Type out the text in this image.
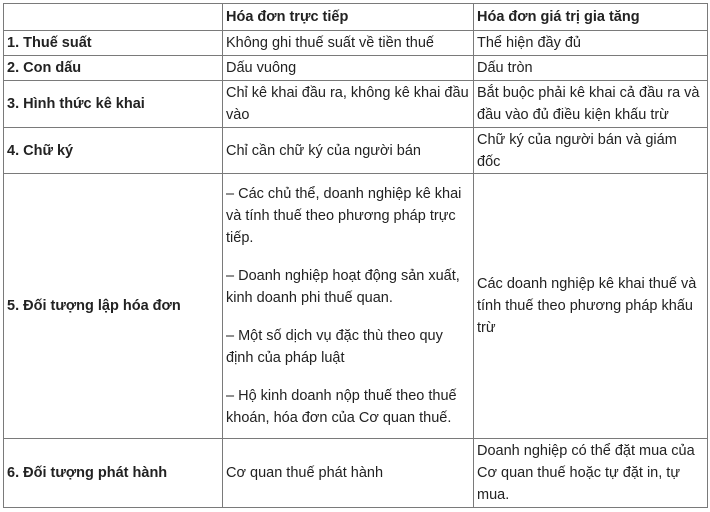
	Hóa đơn trực tiếp	Hóa đơn giá trị gia tăng
1. Thuế suất	Không ghi thuế suất về tiền thuế	Thể hiện đầy đủ

2. Con dấu	Dấu vuông	Dấu tròn

3. Hình thức kê khai	Chỉ kê khai đầu ra, không kê khai đầu vào	Bắt buộc phải kê khai cả đầu ra và đầu vào đủ điều kiện khấu trừ

4. Chữ ký	Chỉ cần chữ ký của người bán	Chữ ký của người bán và giám đốc

5. Đối tượng lập hóa đơn	– Các chủ thể, doanh nghiệp kê khai và tính thuế theo phương pháp trực tiếp.

– Doanh nghiệp hoạt động sản xuất, kinh doanh phi thuế quan.

– Một số dịch vụ đặc thù theo quy định của pháp luật

– Hộ kinh doanh nộp thuế theo thuế khoán, hóa đơn của Cơ quan thuế.	Các doanh nghiệp kê khai thuế và tính thuế theo phương pháp khấu trừ

6. Đối tượng phát hành	Cơ quan thuế phát hành	Doanh nghiệp có thể đặt mua của Cơ quan thuế hoặc tự đặt in, tự mua.
